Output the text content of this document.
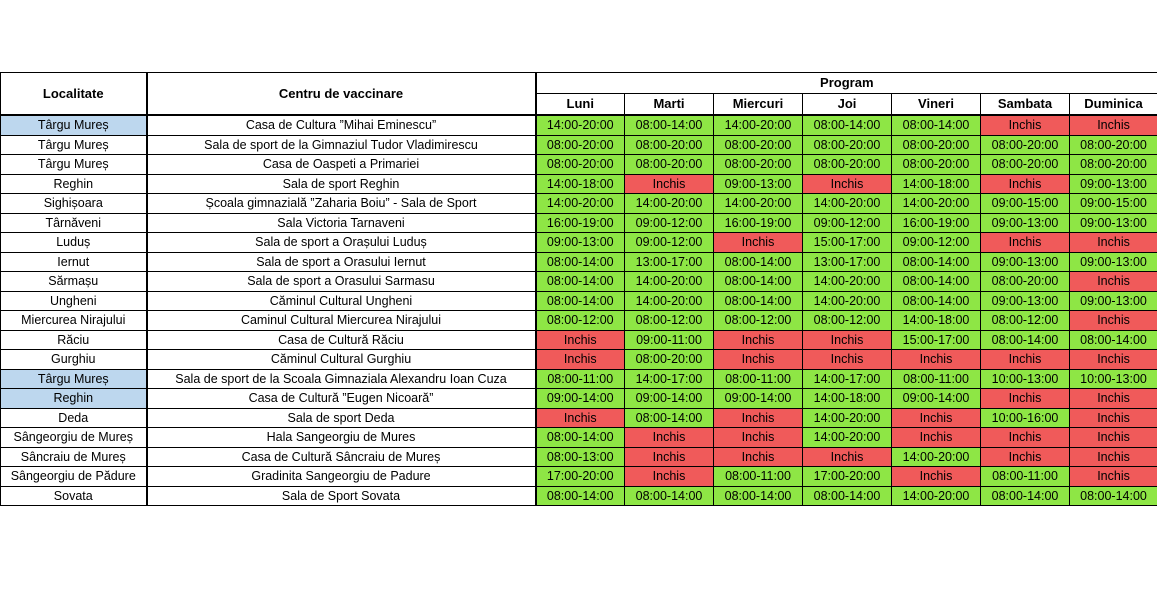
Localitate	Centru de vaccinare	Program						
		Luni	Marti	Miercuri	Joi	Vineri	Sambata	Duminica
Târgu Mureș	Casa de Cultura ”Mihai Eminescu”	14:00-20:00	08:00-14:00	14:00-20:00	08:00-14:00	08:00-14:00	Inchis	Inchis
Târgu Mureș	Sala de sport de la Gimnaziul Tudor Vladimirescu	08:00-20:00	08:00-20:00	08:00-20:00	08:00-20:00	08:00-20:00	08:00-20:00	08:00-20:00
Târgu Mureș	Casa de Oaspeti a Primariei	08:00-20:00	08:00-20:00	08:00-20:00	08:00-20:00	08:00-20:00	08:00-20:00	08:00-20:00
Reghin	Sala de sport Reghin	14:00-18:00	Inchis	09:00-13:00	Inchis	14:00-18:00	Inchis	09:00-13:00
Sighișoara	Școala gimnazială ”Zaharia Boiu” - Sala de Sport	14:00-20:00	14:00-20:00	14:00-20:00	14:00-20:00	14:00-20:00	09:00-15:00	09:00-15:00
Târnăveni	Sala Victoria Tarnaveni	16:00-19:00	09:00-12:00	16:00-19:00	09:00-12:00	16:00-19:00	09:00-13:00	09:00-13:00
Luduș	Sala de sport a Orașului Luduș	09:00-13:00	09:00-12:00	Inchis	15:00-17:00	09:00-12:00	Inchis	Inchis
Iernut	Sala de sport a Orasului Iernut	08:00-14:00	13:00-17:00	08:00-14:00	13:00-17:00	08:00-14:00	09:00-13:00	09:00-13:00
Sărmașu	Sala de sport a Orasului Sarmasu	08:00-14:00	14:00-20:00	08:00-14:00	14:00-20:00	08:00-14:00	08:00-20:00	Inchis
Ungheni	Căminul Cultural Ungheni	08:00-14:00	14:00-20:00	08:00-14:00	14:00-20:00	08:00-14:00	09:00-13:00	09:00-13:00
Miercurea Nirajului	Caminul Cultural Miercurea Nirajului	08:00-12:00	08:00-12:00	08:00-12:00	08:00-12:00	14:00-18:00	08:00-12:00	Inchis
Răciu	Casa de Cultură Răciu	Inchis	09:00-11:00	Inchis	Inchis	15:00-17:00	08:00-14:00	08:00-14:00
Gurghiu	Căminul Cultural Gurghiu	Inchis	08:00-20:00	Inchis	Inchis	Inchis	Inchis	Inchis
Târgu Mureș	Sala de sport de la Scoala Gimnaziala Alexandru Ioan Cuza	08:00-11:00	14:00-17:00	08:00-11:00	14:00-17:00	08:00-11:00	10:00-13:00	10:00-13:00
Reghin	Casa de Cultură ”Eugen Nicoară”	09:00-14:00	09:00-14:00	09:00-14:00	14:00-18:00	09:00-14:00	Inchis	Inchis
Deda	Sala de sport Deda	Inchis	08:00-14:00	Inchis	14:00-20:00	Inchis	10:00-16:00	Inchis
Sângeorgiu de Mureș	Hala Sangeorgiu de Mures	08:00-14:00	Inchis	Inchis	14:00-20:00	Inchis	Inchis	Inchis
Sâncraiu de Mureș	Casa de Cultură Sâncraiu de Mureș	08:00-13:00	Inchis	Inchis	Inchis	14:00-20:00	Inchis	Inchis
Sângeorgiu de Pădure	Gradinita Sangeorgiu de Padure	17:00-20:00	Inchis	08:00-11:00	17:00-20:00	Inchis	08:00-11:00	Inchis
Sovata	Sala de Sport Sovata	08:00-14:00	08:00-14:00	08:00-14:00	08:00-14:00	14:00-20:00	08:00-14:00	08:00-14:00
